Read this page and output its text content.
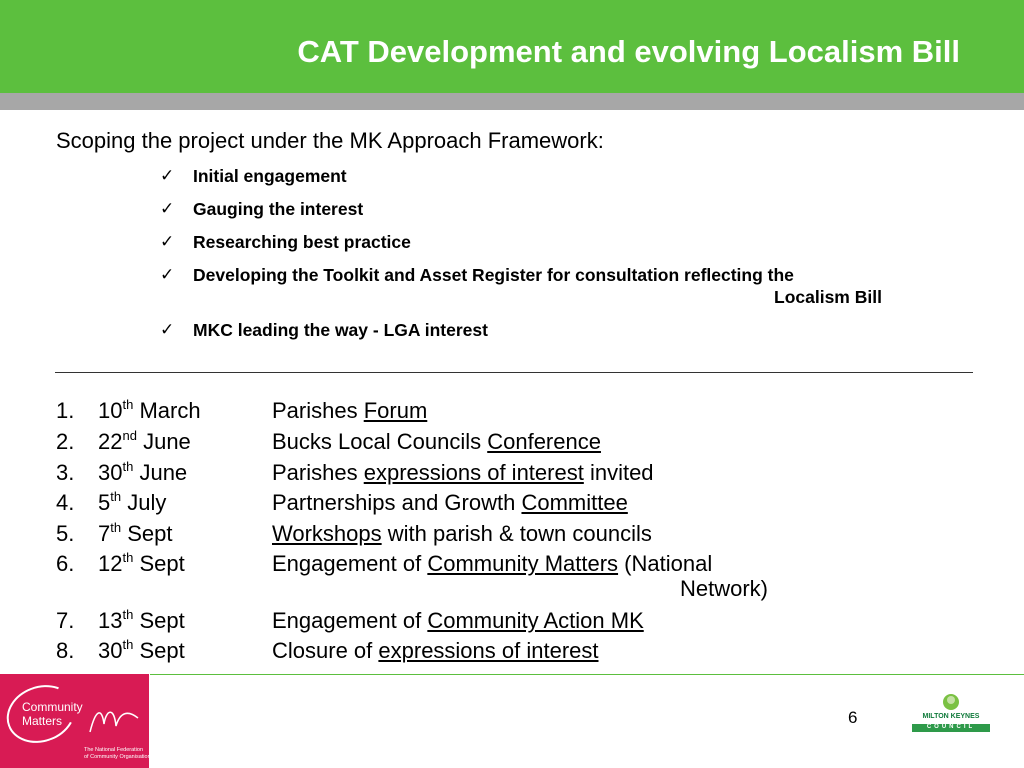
CAT Development and evolving Localism Bill
Scoping the project under the MK Approach Framework:
✓ Initial engagement
✓ Gauging the interest
✓ Researching best practice
✓ Developing the Toolkit and Asset Register for consultation reflecting the
Localism Bill
✓ MKC leading the way - LGA interest
1.	10th March	Parishes Forum
2.	22nd June	Bucks Local Councils Conference
3.	30th June	Parishes expressions of interest invited
4.	5th July	Partnerships and Growth Committee
5.	7th Sept	Workshops with parish & town councils
6.	12th Sept	Engagement of Community Matters (National
Network)
7.	13th Sept	Engagement of Community Action MK
8.	30th Sept	Closure of expressions of interest
Community
Matters
The National Federation
of Community Organisations
6	MILTON KEYNES
COUNCIL
